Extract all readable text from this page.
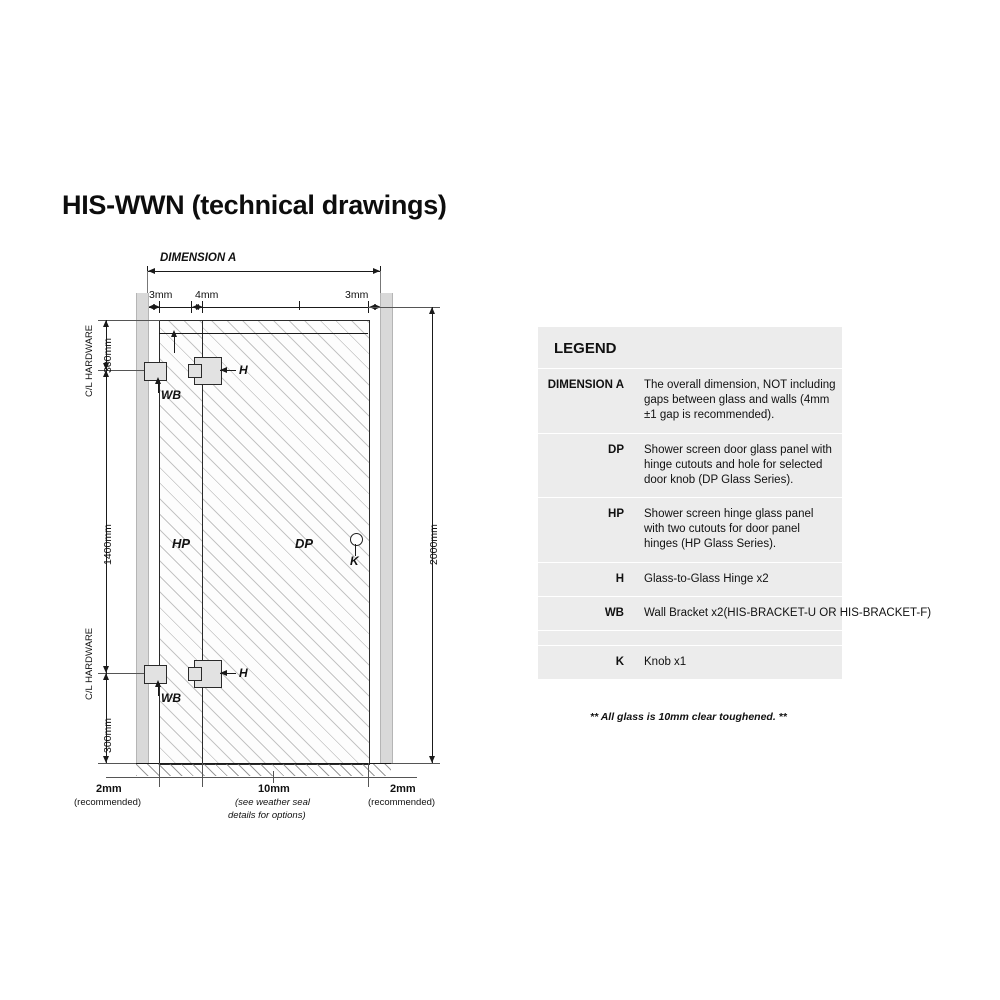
HIS-WWN (technical drawings)
DIMENSION A
3mm 4mm	3mm
H
H
WB
WB
HP	DP
K
300mm
C/L HARDWARE
1400mm
C/L HARDWARE
300mm
2000mm
2mm
(recommended)
10mm
(see weather seal
details for options)
2mm
(recommended)
LEGEND
DIMENSION A	The overall dimension, NOT including gaps between glass and walls (4mm ±1 gap is recommended).
DP	Shower screen door glass panel with hinge cutouts and hole for selected door knob (DP Glass Series).
HP	Shower screen hinge glass panel with two cutouts for door panel hinges (HP Glass Series).
H	Glass-to-Glass Hinge x2
WB	Wall Bracket x2(HIS-BRACKET-U OR HIS-BRACKET-F)
K	Knob x1
** All glass is 10mm clear toughened. **
